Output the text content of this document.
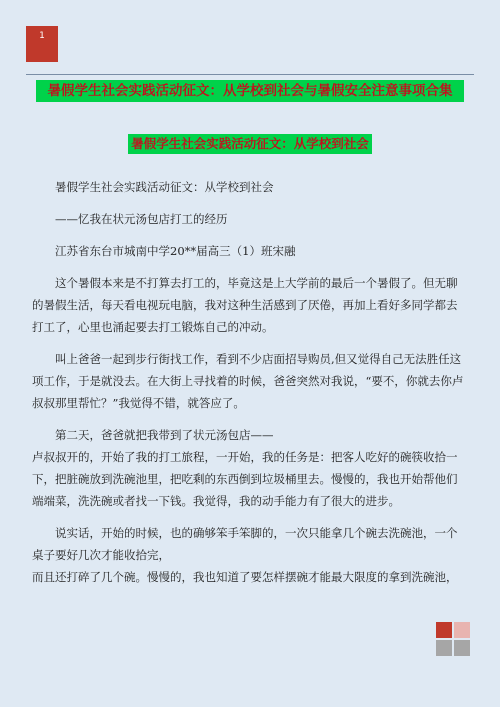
1
暑假学生社会实践活动征文：从学校到社会与暑假安全注意事项合集
暑假学生社会实践活动征文：从学校到社会

暑假学生社会实践活动征文：从学校到社会

——忆我在状元汤包店打工的经历

江苏省东台市城南中学20**届高三（1）班宋融

这个暑假本来是不打算去打工的，毕竟这是上大学前的最后一个暑假了。但无聊的暑假生活，每天看电视玩电脑，我对这种生活感到了厌倦，再加上看好多同学都去打工了，心里也涌起要去打工锻炼自己的冲动。

叫上爸爸一起到步行街找工作，看到不少店面招导购员,但又觉得自己无法胜任这项工作，于是就没去。在大街上寻找着的时候，爸爸突然对我说，“要不，你就去你卢叔叔那里帮忙？”我觉得不错，就答应了。

第二天，爸爸就把我带到了状元汤包店——

卢叔叔开的，开始了我的打工旅程，一开始，我的任务是：把客人吃好的碗筷收拾一下，把脏碗放到洗碗池里，把吃剩的东西倒到垃圾桶里去。慢慢的，我也开始帮他们端端菜，洗洗碗或者找一下钱。我觉得，我的动手能力有了很大的进步。

说实话，开始的时候，也的确够笨手笨脚的，一次只能拿几个碗去洗碗池，一个桌子要好几次才能收拾完，

而且还打碎了几个碗。慢慢的，我也知道了要怎样摆碗才能最大限度的拿到洗碗池，
